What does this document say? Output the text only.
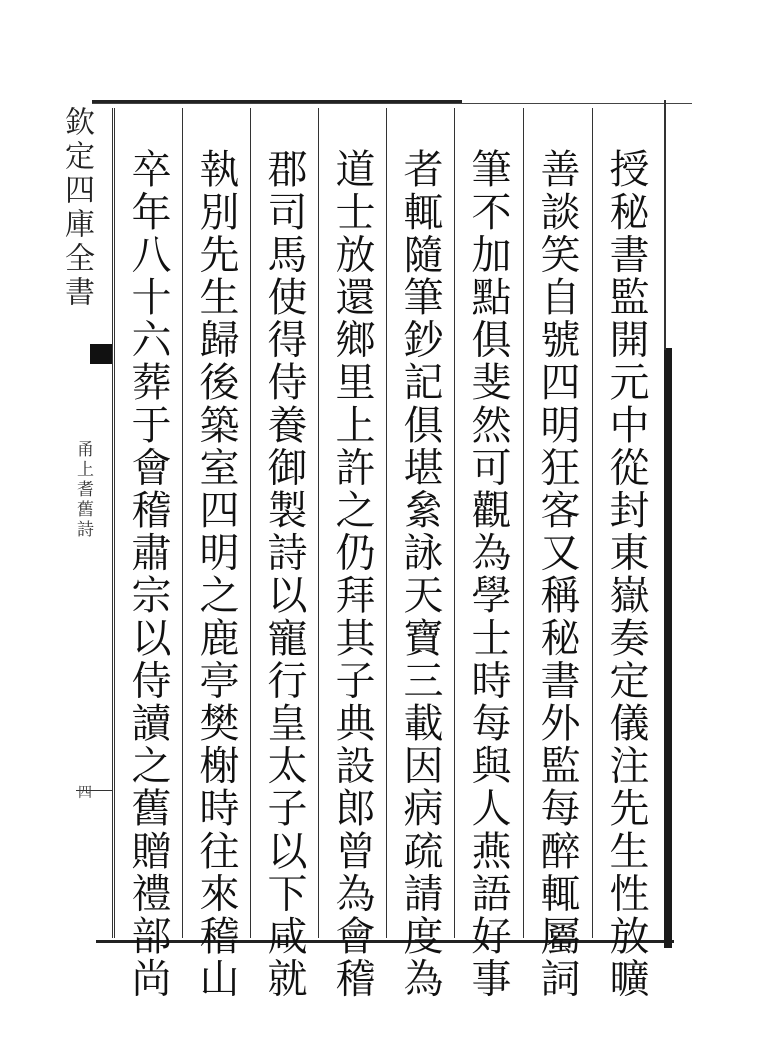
欽定四庫全書
甬上耆舊詩
四	授秘書監開元中從封東嶽奏定儀注先生性放曠
善談笑自號四明狂客又稱秘書外監每醉輒屬詞
筆不加點俱斐然可觀為學士時每與人燕語好事
者輒隨筆鈔記俱堪絫詠天寶三載因病疏請度為
道士放還鄉里上許之仍拜其子典設郎曾為會稽
郡司馬使得侍養御製詩以寵行皇太子以下咸就
執別先生歸後築室四明之鹿亭樊榭時往來稽山
卒年八十六葬于會稽肅宗以侍讀之舊贈禮部尚
